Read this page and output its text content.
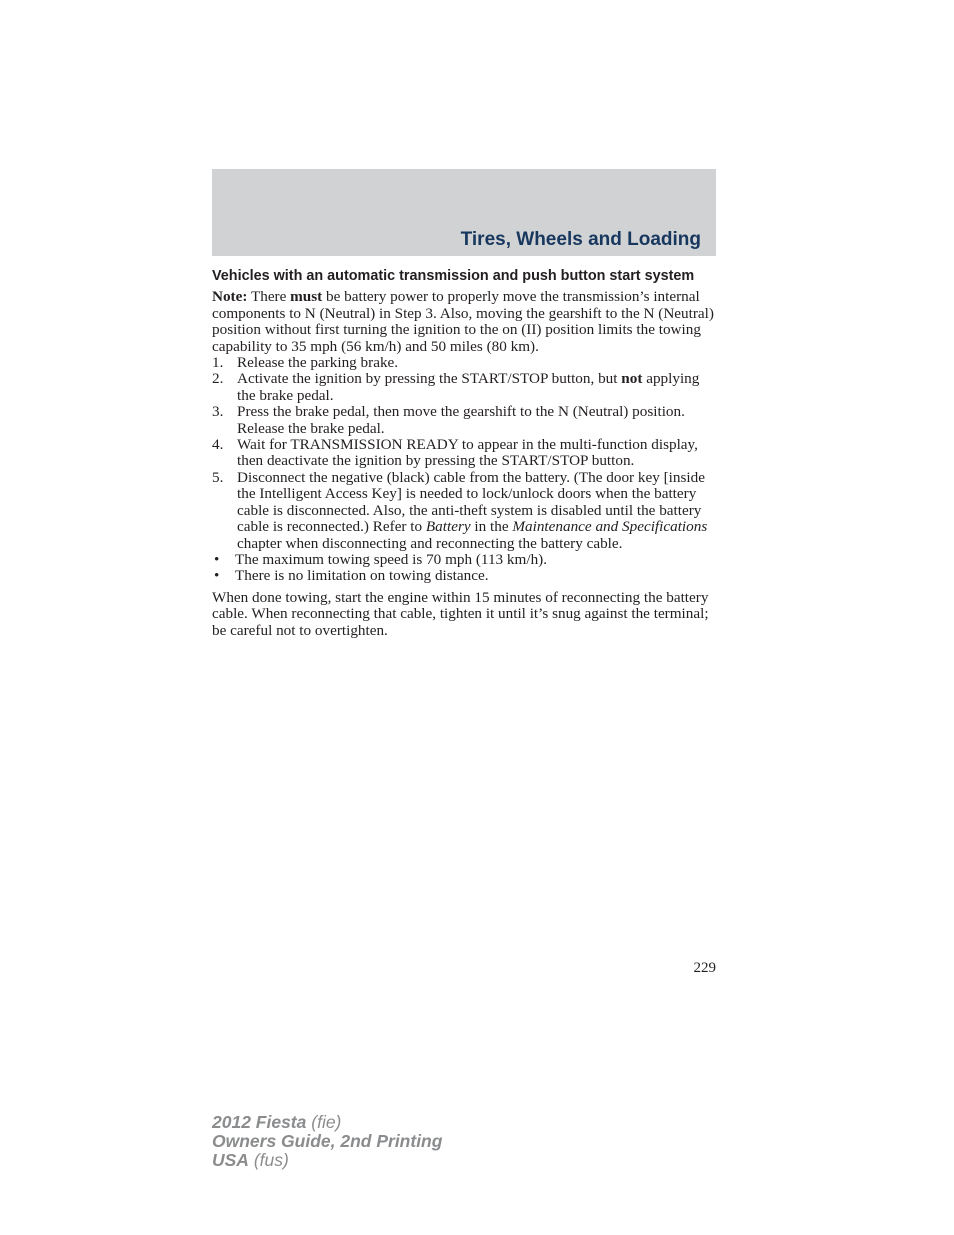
Tires, Wheels and Loading
Vehicles with an automatic transmission and push button start system

Note: There must be battery power to properly move the transmission’s internal components to N (Neutral) in Step 3. Also, moving the gearshift to the N (Neutral) position without first turning the ignition to the on (II) position limits the towing capability to 35 mph (56 km/h) and 50 miles (80 km).

1. Release the parking brake.
2. Activate the ignition by pressing the START/STOP button, but not applying the brake pedal.
3. Press the brake pedal, then move the gearshift to the N (Neutral) position. Release the brake pedal.
4. Wait for TRANSMISSION READY to appear in the multi-function display, then deactivate the ignition by pressing the START/STOP button.
5. Disconnect the negative (black) cable from the battery. (The door key [inside the Intelligent Access Key] is needed to lock/unlock doors when the battery cable is disconnected. Also, the anti-theft system is disabled until the battery cable is reconnected.) Refer to Battery in the Maintenance and Specifications chapter when disconnecting and reconnecting the battery cable.
• The maximum towing speed is 70 mph (113 km/h).
• There is no limitation on towing distance.

When done towing, start the engine within 15 minutes of reconnecting the battery cable. When reconnecting that cable, tighten it until it’s snug against the terminal; be careful not to overtighten.

229
2012 Fiesta (fie)
Owners Guide, 2nd Printing
USA (fus)
